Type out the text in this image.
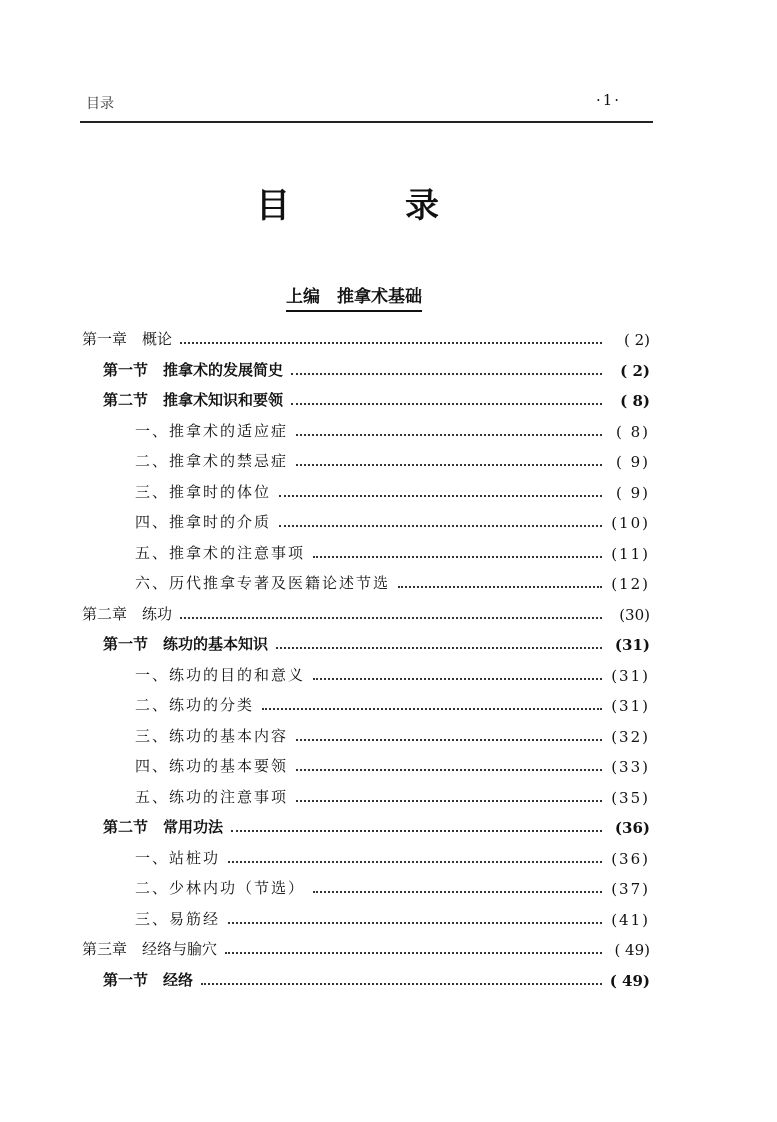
目录	·1·
目	录
上编　推拿术基础
第一章　概论	( 2)
第一节　推拿术的发展简史	( 2)
第二节　推拿术知识和要领	( 8)
一、推拿术的适应症	( 8)
二、推拿术的禁忌症	( 9)
三、推拿时的体位	( 9)
四、推拿时的介质	(10)
五、推拿术的注意事项	(11)
六、历代推拿专著及医籍论述节选	(12)
第二章　练功	(30)
第一节　练功的基本知识	(31)
一、练功的目的和意义	(31)
二、练功的分类	(31)
三、练功的基本内容	(32)
四、练功的基本要领	(33)
五、练功的注意事项	(35)
第二节　常用功法	(36)
一、站桩功	(36)
二、少林内功（节选）	(37)
三、易筋经	(41)
第三章　经络与腧穴	( 49)
第一节　经络	( 49)
